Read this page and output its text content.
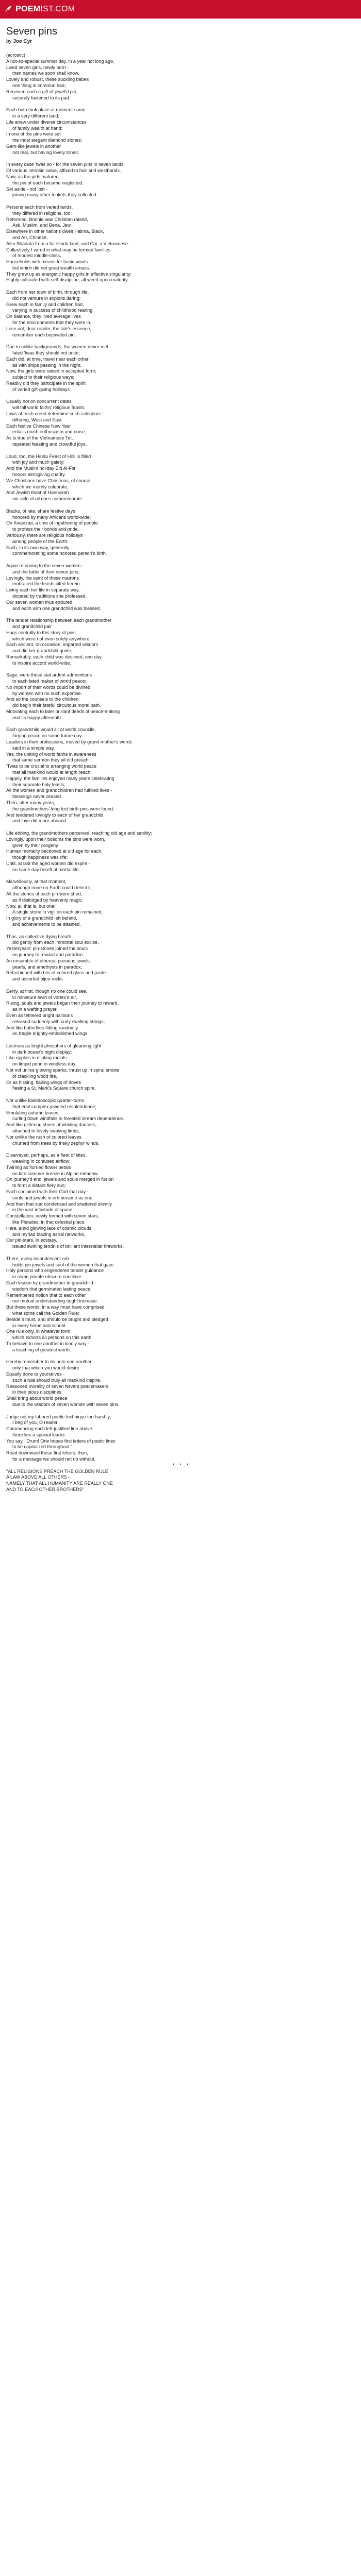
POEMIST.COM
Seven pins
by Joe Cyr
(acrostic)
A not-so-special summer day, in a year not long ago,
Lived seven girls, newly born -
then names we soon shall know.
Lovely and robust, these suckling babes
one thing in common had;
Received each a gift of jewel'd pin,
securely fastened to its pad.
Each birth took place at moment same
in a very different land;
Life anew under diverse circumstances
of family wealth at hand:
In one of the pins were set
the most elegant diamond stones;
Gem-like jewels in another
not real, but having lovely tones;
In every case 'twas so - for the seven pins in seven lands,
Of various intrinsic value, affixed to hair and wristbands.
Now, as the girls matured,
the pin of each became neglected,
Set aside - not lost -
joining many other trinkets they collected.
Persons each from varied lands,
they differed in religions, too;
Reformed, Bonnie was Christian raised,
Ask, Muslim, and Bena, Jew.
Elsewhere in other nations dwelt Halima, Black,
and An, Chinese,
Also Shanata from a far Hindu land, and Cai, a Vietnamese.
Collectively I vared in what may be termed families
of modest middle-class,
Households with means for basic wants
but which did not great wealth amass.
They grew up as energetic happy girls in effective singularity;
Highly cultivated with self-discipline, all weed upon maturity.
Each from her town of birth, through life,
did not venture in exploits daring;
Grew each in family and children had,
varying in success of childhood rearing.
On balance, they lived average lives
for the environments that they were in.
Lose not, dear reader, the tale's essence,
remember each bejeweled pin.
Due to unlike backgrounds, the women never met -
fated 'twas they should not unite;
Each did, at time, travel near each other,
as with ships passing in the night.
Now, the girls were raised in accepted form;
subject to their religious ways;
Readily did they participate in the spirit
of varied gift-giving holidays.
Usually not on concurrent dates
will fall world faiths' religious feasts:
Laws of each creed determine such calendars -
differing, West and East.
Each festive Chinese New Year
entails much enthusiasm and noise,
As is true of the Vietnamese Tet,
repeated feasting and crowdful joys.
Loud, too, the Hindu Feast of Holi is filled
with joy and much gaiety;
And the Muslim holiday Eid Al-Fitr
honors almsgiving charity.
We Christians have Christmas, of course,
which we merrily celebrate,
And Jewish feast of Hannukah
mir acle of oil does commemorate.
Blacks, of late, share festive days
honored by many Africans world-wide;
On Kwanzaa, a time of ingathering of people
to profess their bonds and pride.
Variously, there are religious holidays
among people of the Earth;
Each, in its own way, generally
commemorating some honored person's birth.
Again returning to the seven women -
and the fable of their seven pins;
Lovingly, the spirit of these matrons
embraced the feasts cited herein.
Living each her life in separate way,
dictated by traditions she professed,
Our seven women thus endured,
and each with one grandchild was blessed.
The tender relationship between each grandmother
and grandchild pair
Hugs centrally to this story of pins;
which were not even solely anywhere.
Each ancient, on occasion, imparted wisdom
and did her grandchild guide;
Remarkably, each child was destined, one day,
to inspire accord world-wide.
Sage, were those stat ardent admonitions
to each fated maker of world peace;
No import of their words could be divined
by women with no such expertise.
And so the counsels to the children
did begin their fateful circuitous moral path,
Motivating each to later brilliant deeds of peace-making
and its happy aftermath.
Each grandchild would sit at world councils,
forging peace on some future day.
Leaders in their professions, moved by grand-mother's words
said in a simple way.
Yes, the uniting of world faiths in awareness
that same sermon they all did preach:
'Twas to be crucial to arranging world peace
that all mankind would at length reach.
Happily, the families enjoyed many years celebrating
their separate holy feasts;
All the women and grandchildren had fulfilled lives -
blessings never ceased.
Then, after many years,
the grandmothers' long lost birth-pins were found;
And tendered lovingly to each of her grandchild
and love did more abound.
Life ebbing, the grandmothers perceived, reaching old age and senility;
Lovingly, upon their bosoms the pins were worn,
given by their progeny.
Human mortality beckoned at old age for each,
though happiness was rife;
Until, at last the aged women did expire -
on same day bereft of mortal life.
Marvellously, at that moment,
although none on Earth could detect it,
All the stones of each pin were shed,
as if dislodged by heavenly magic.
Now, all that is, but one!
A single stone in vigil on each pin remained;
In glory of a grandchild left behind,
and achievements to be attained.
Thus, as collective dying breath
did gently from each immortal soul excise,
Yesteryears' pin-stones joined the souls
on journey to reward and paradise.
An ensemble of ethereal precious jewels,
pearls, and amethysts in paradox,
Refashioned with bits of colored glass and paste
and assorted bijou rocks.
Eerily, at first, though no one could see,
in miniature swirl of vortex'd air,
Rising, souls and jewels began their journey to reward,
as in a wafting prayer.
Even as tethered bright balloons
released suddenly with curly swelling strings;
And like butterflies flitting randomly
on fragile brightly-embellished wings.
Lustrous as bright phosphors of gleaming light
in dark ocean's night display;
Like ripplies in dilating radials
on limpid pond in windless day.
Not not unlike glowing sparks, thrust up in spiral smoke
of crackling wood fire,
Or as hissing, flailing wings of doves
fleeing a St. Mark's Square church spire.
Not unlike kaleidoscopic quarter-turns
that emit complex jeweled resplendence;
Emulating autumn leaves
curling down windfalls in forested stream dependence.
And like glittering shoes of whirling dancers,
attached to lovely swaying limbs,
Nor unlike the rush of colored leaves
churned from trees by frisky zephyr winds.
Disarrayed, perhaps, as a fleet of kites,
weaving in confused airflow;
Twirling as flurried flower petals
on late summer breeze in Alpine meadow.
On journey'd end, jewels and souls merged in fusion
to form a distant fiery sun;
Each conjoined with their God that day -
souls and jewels in orb became as one.
And then that star condensed and shattered silently
in the vast infinitude of space;
Constellation, newly formed with seven stars,
like Pleiades, in that celestial place.
Here, amid glowing lace of cosmic clouds
and myriad blazing astral networks,
Our pin-stars, in ecstasy,
issued swirling tendrils of brilliant interstellar fireworks.
There, every incandescent orb
holds pin jewels and soul of the women that gave
Holy persons who engendered tender guidance
in some private obscure conclave.
Each lesson by grandmother to grandchild -
wisdom that germinated lasting peace.
Remembered notion that to each other
our mutual understanding ought increase.
But these words, in a way must have comprised
what some call the Golden Rule;
Beside it must, and should be taught and pledged
in every home and school.
One rule only, in whatever form,
which exhorts all persons on this earth
To behave to one another in kindly way -
a teaching of greatest worth.
Hereby remember to do unto one another
only that which you would desire
Equally done to yourselves -
such a rule should truly all mankind inspire.
Reasoned morality of seven fervent peacemakers
in their pious disciplines
Shall bring about world peace
due to the wisdom of seven women with seven pins.
Judge not my labored poetic technique too harshly;
I beg of you, O reader,
Commencing each left-justified line above
there lies a special leader.
You say, "Drum! One hopes first letters of poetic lines
to be capitalized throughout."
Read downward these first letters, then,
for a message we should not do without.
*    *    *
"ALL RELIGIONS PREACH THE GOLDEN RULE
A LAW ABOVE ALL OTHERS -
NAMELY THAT ALL HUMANITY ARE REALLY ONE
AND TO EACH OTHER BROTHERS"
